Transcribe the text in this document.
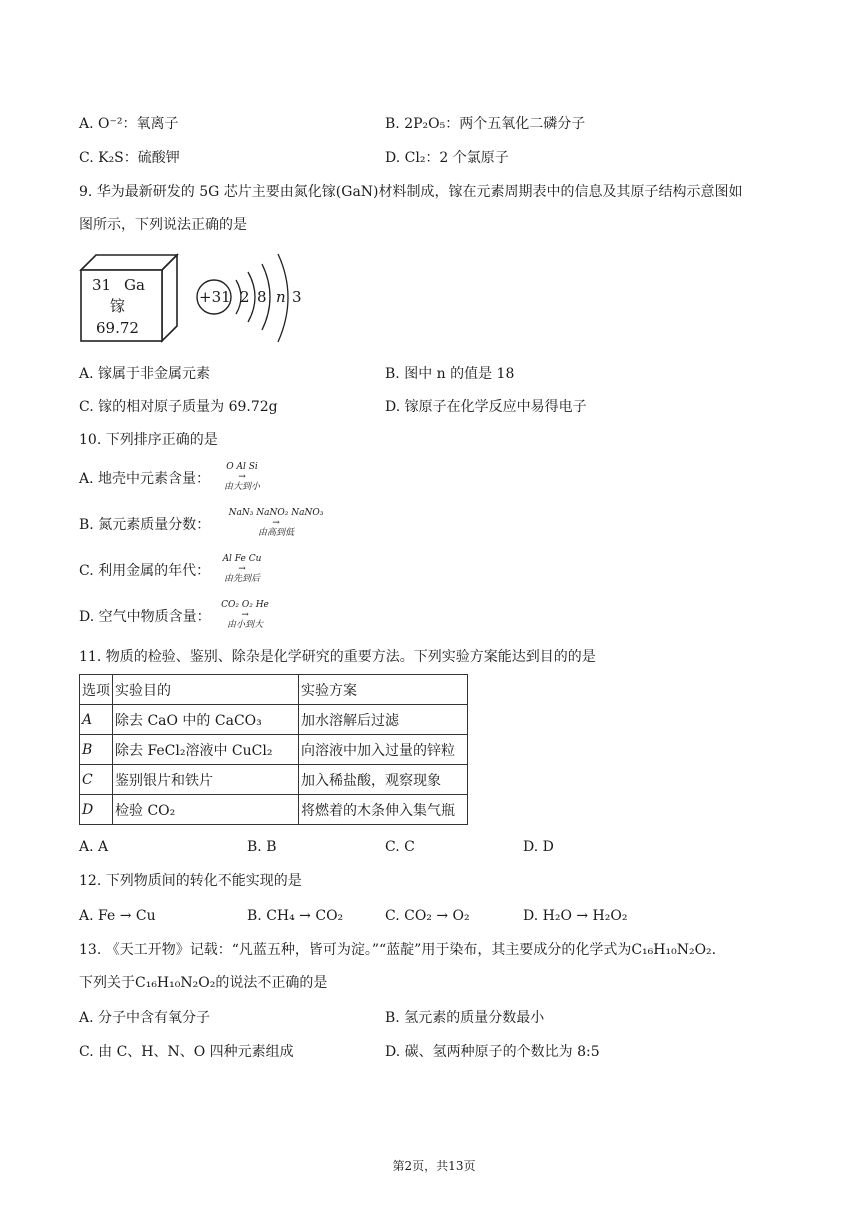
A. O⁻²：氧离子	B. 2P₂O₅：两个五氧化二磷分子
C. K₂S：硫酸钾	D. Cl₂：2 个氯原子
9. 华为最新研发的 5G 芯片主要由氮化镓(GaN)材料制成，镓在元素周期表中的信息及其原子结构示意图如
图所示，下列说法正确的是
31 Ga
镓
69.72
+31 2 8 n 3
A. 镓属于非金属元素	B. 图中 n 的值是 18
C. 镓的相对原子质量为 69.72g	D. 镓原子在化学反应中易得电子
10. 下列排序正确的是
A. 地壳中元素含量：
O Al Si
→
由大到小
B. 氮元素质量分数：
NaN₃ NaNO₂ NaNO₃
→
由高到低
C. 利用金属的年代：
Al Fe Cu
→
由先到后
D. 空气中物质含量：
CO₂ O₂ He
→
由小到大
11. 物质的检验、鉴别、除杂是化学研究的重要方法。下列实验方案能达到目的的是
选项	实验目的	实验方案
A	除去 CaO 中的 CaCO₃	加水溶解后过滤
B	除去 FeCl₂溶液中 CuCl₂	向溶液中加入过量的锌粒
C	鉴别银片和铁片	加入稀盐酸，观察现象
D	检验 CO₂	将燃着的木条伸入集气瓶
A. A	B. B	C. C	D. D
12. 下列物质间的转化不能实现的是
A. Fe → Cu	B. CH₄ → CO₂	C. CO₂ → O₂	D. H₂O → H₂O₂
13. 《天工开物》记载：“凡蓝五种，皆可为淀。”“蓝靛”用于染布，其主要成分的化学式为C₁₆H₁₀N₂O₂.
下列关于C₁₆H₁₀N₂O₂的说法不正确的是
A. 分子中含有氧分子	B. 氢元素的质量分数最小
C. 由 C、H、N、O 四种元素组成	D. 碳、氢两种原子的个数比为 8:5
第2页，共13页
